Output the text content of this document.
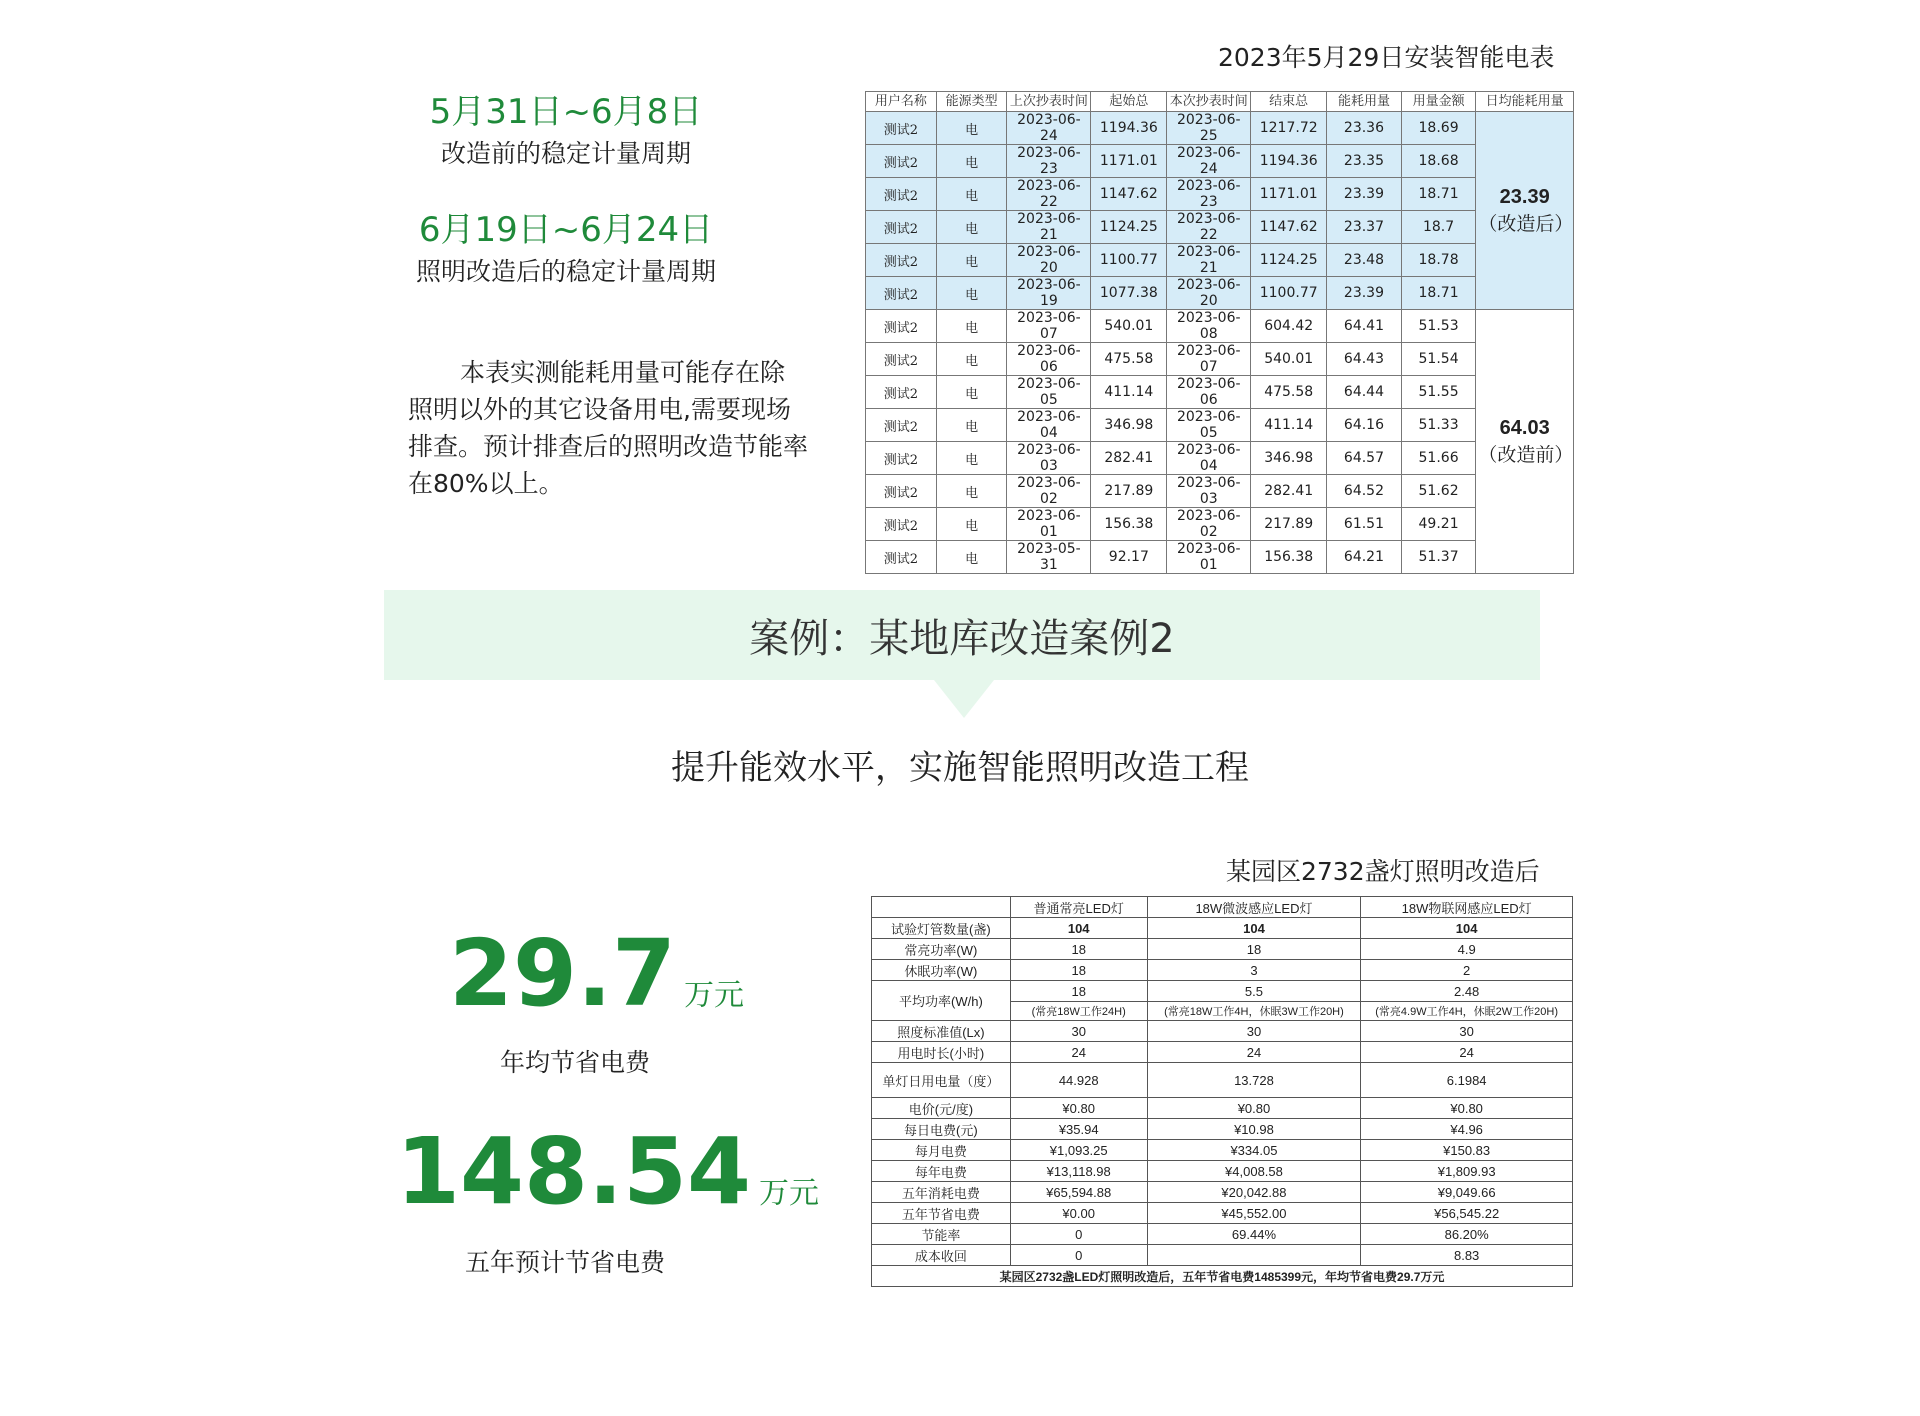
5月31日~6月8日
改造前的稳定计量周期
6月19日~6月24日
照明改造后的稳定计量周期
本表实测能耗用量可能存在除照明以外的其它设备用电,需要现场排查。预计排查后的照明改造节能率在80%以上。
2023年5月29日安装智能电表
用户名称	能源类型	上次抄表时间	起始总	本次抄表时间	结束总	能耗用量	用量金额	日均能耗用量
测试2	电	2023-06-24	1194.36	2023-06-25	1217.72	23.36	18.69	23.39
（改造后）

测试2	电	2023-06-23	1171.01	2023-06-24	1194.36	23.35	18.68	
测试2	电	2023-06-22	1147.62	2023-06-23	1171.01	23.39	18.71	
测试2	电	2023-06-21	1124.25	2023-06-22	1147.62	23.37	18.7	
测试2	电	2023-06-20	1100.77	2023-06-21	1124.25	23.48	18.78	
测试2	电	2023-06-19	1077.38	2023-06-20	1100.77	23.39	18.71	
测试2	电	2023-06-07	540.01	2023-06-08	604.42	64.41	51.53	64.03
（改造前）

测试2	电	2023-06-06	475.58	2023-06-07	540.01	64.43	51.54	
测试2	电	2023-06-05	411.14	2023-06-06	475.58	64.44	51.55	
测试2	电	2023-06-04	346.98	2023-06-05	411.14	64.16	51.33	
测试2	电	2023-06-03	282.41	2023-06-04	346.98	64.57	51.66	
测试2	电	2023-06-02	217.89	2023-06-03	282.41	64.52	51.62	
测试2	电	2023-06-01	156.38	2023-06-02	217.89	61.51	49.21	
测试2	电	2023-05-31	92.17	2023-06-01	156.38	64.21	51.37	
案例：某地库改造案例2
提升能效水平，实施智能照明改造工程
29.7 万元
年均节省电费
148.54 万元
五年预计节省电费
某园区2732盏灯照明改造后
	普通常亮LED灯	18W微波感应LED灯	18W物联网感应LED灯
试验灯管数量(盏)	104	104	104
常亮功率(W)	18	18	4.9
休眠功率(W)	18	3	2
平均功率(W/h)	18	5.5	2.48
	(常亮18W工作24H)	(常亮18W工作4H，休眠3W工作20H)	(常亮4.9W工作4H，休眠2W工作20H)
照度标准值(Lx)	30	30	30
用电时长(小时)	24	24	24
单灯日用电量（度）	44.928	13.728	6.1984
电价(元/度)	¥0.80	¥0.80	¥0.80
每日电费(元)	¥35.94	¥10.98	¥4.96
每月电费	¥1,093.25	¥334.05	¥150.83
每年电费	¥13,118.98	¥4,008.58	¥1,809.93
五年消耗电费	¥65,594.88	¥20,042.88	¥9,049.66
五年节省电费	¥0.00	¥45,552.00	¥56,545.22
节能率	0	69.44%	86.20%
成本收回	0		8.83
某园区2732盏LED灯照明改造后，五年节省电费1485399元，年均节省电费29.7万元			
